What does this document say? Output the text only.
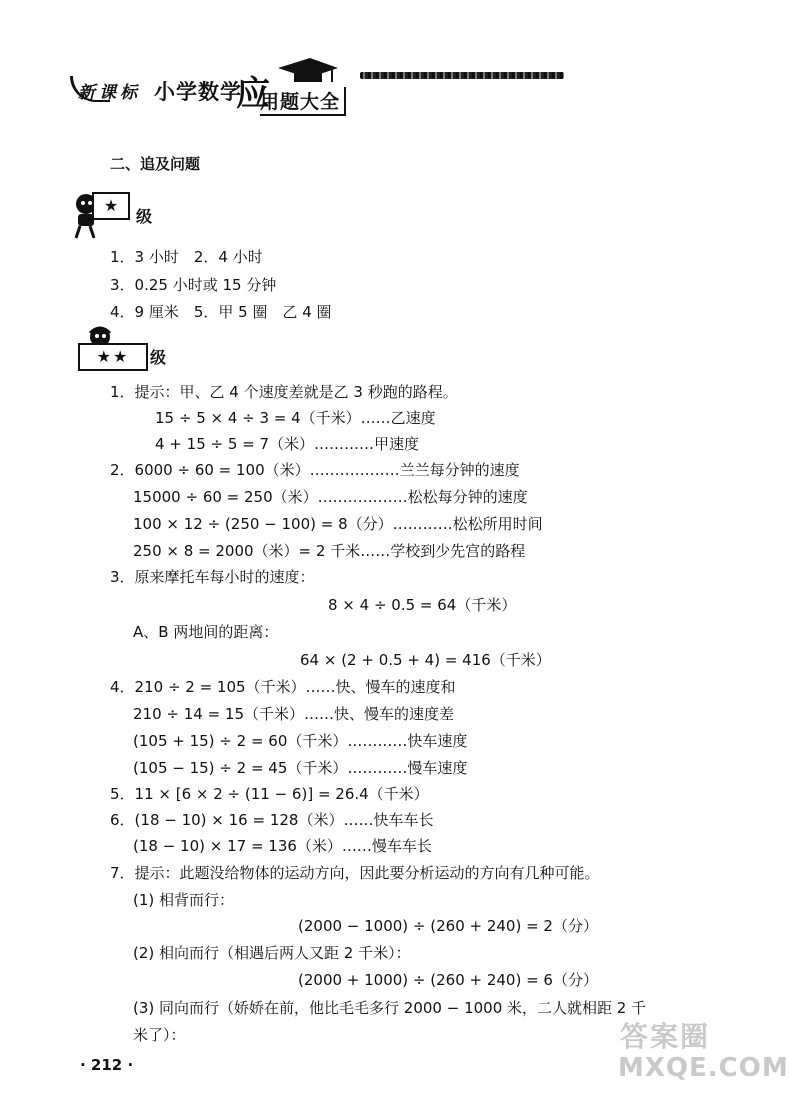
新课标 小学数学
应
用题大全
二、追及问题
★
级
1．3 小时　2．4 小时
3．0.25 小时或 15 分钟
4．9 厘米　5．甲 5 圈　乙 4 圈
★★	级
1．提示：甲、乙 4 个速度差就是乙 3 秒跑的路程。
15 ÷ 5 × 4 ÷ 3 = 4（千米）……乙速度
4 + 15 ÷ 5 = 7（米）…………甲速度
2．6000 ÷ 60 = 100（米）………………兰兰每分钟的速度
15000 ÷ 60 = 250（米）………………松松每分钟的速度
100 × 12 ÷ (250 − 100) = 8（分）…………松松所用时间
250 × 8 = 2000（米）= 2 千米……学校到少先宫的路程
3．原来摩托车每小时的速度：
8 × 4 ÷ 0.5 = 64（千米）
A、B 两地间的距离：
64 × (2 + 0.5 + 4) = 416（千米）
4．210 ÷ 2 = 105（千米）……快、慢车的速度和
210 ÷ 14 = 15（千米）……快、慢车的速度差
(105 + 15) ÷ 2 = 60（千米）…………快车速度
(105 − 15) ÷ 2 = 45（千米）…………慢车速度
5．11 × [6 × 2 ÷ (11 − 6)] = 26.4（千米）
6．(18 − 10) × 16 = 128（米）……快车车长
(18 − 10) × 17 = 136（米）……慢车车长
7．提示：此题没给物体的运动方向，因此要分析运动的方向有几种可能。
(1) 相背而行：
(2000 − 1000) ÷ (260 + 240) = 2（分）
(2) 相向而行（相遇后两人又距 2 千米）：
(2000 + 1000) ÷ (260 + 240) = 6（分）
(3) 同向而行（娇娇在前，他比毛毛多行 2000 − 1000 米，二人就相距 2 千
米了）：
· 212 ·
答案圈
MXQE.COM
